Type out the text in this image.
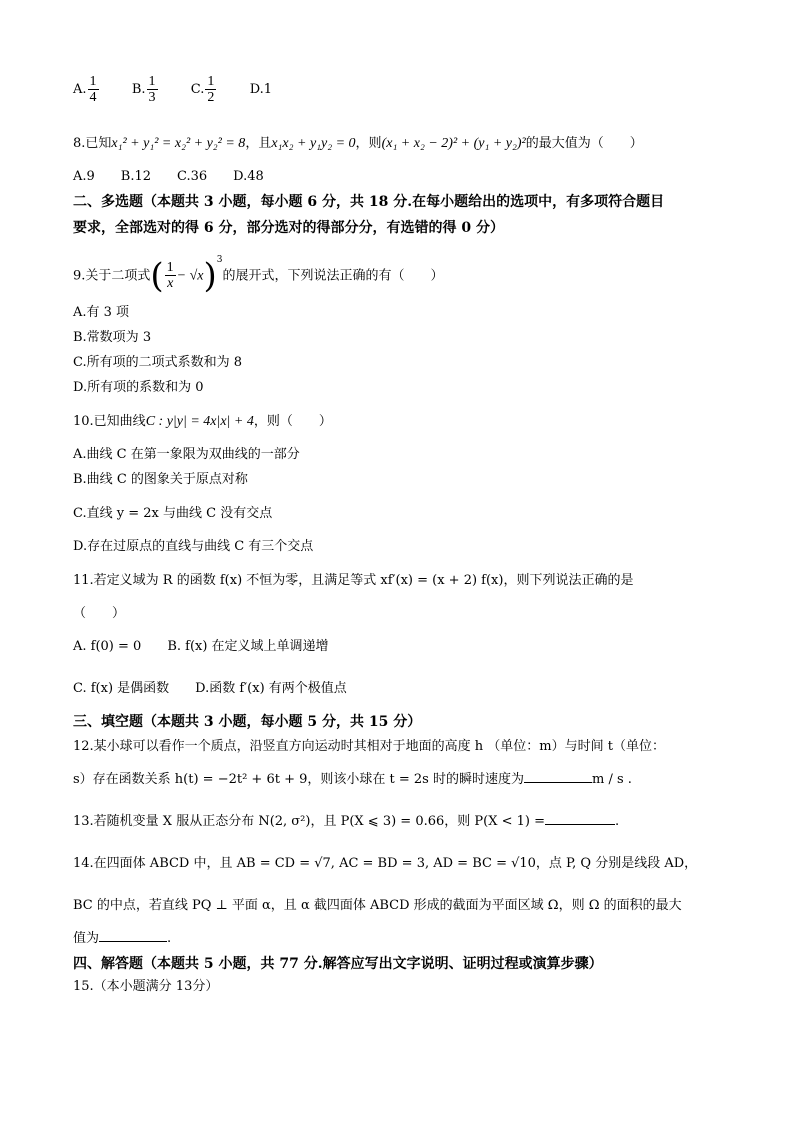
A. $\frac{1}{4}$	B. $\frac{1}{3}$	C. $\frac{1}{2}$	D.1
8.已知x₁² + y₁² = x₂² + y₂² = 8，且x₁x₂ + y₁y₂ = 0，则(x₁ + x₂ − 2)² + (y₁ + y₂)²的最大值为（　　）
A.9　　B.12　　C.36　　D.48
二、多选题（本题共 3 小题，每小题 6 分，共 18 分.在每小题给出的选项中，有多项符合题目
要求，全部选对的得 6 分，部分选对的得部分分，有选错的得 0 分）
9.关于二项式( $\frac{1}{x} - √x)^3$的展开式，下列说法正确的有（　　）
A.有 3 项
B.常数项为 3
C.所有项的二项式系数和为 8
D.所有项的系数和为 0
10.已知曲线C : y|y| = 4x|x| + 4，则（　　）
A.曲线 C 在第一象限为双曲线的一部分
B.曲线 C 的图象关于原点对称
C.直线 y = 2x 与曲线 C 没有交点
D.存在过原点的直线与曲线 C 有三个交点
11.若定义域为 R 的函数 f(x) 不恒为零，且满足等式 xf′(x) = (x + 2) f(x)，则下列说法正确的是
（　　）
A. f(0) = 0 B. f(x) 在定义域上单调递增
C. f(x) 是偶函数 D.函数 f′(x) 有两个极值点
三、填空题（本题共 3 小题，每小题 5 分，共 15 分）
12.某小球可以看作一个质点，沿竖直方向运动时其相对于地面的高度 h （单位：m）与时间 t（单位：
s）存在函数关系 h(t) = −2t² + 6t + 9，则该小球在 t = 2s 时的瞬时速度为	m / s .
13.若随机变量 X 服从正态分布 N(2, σ²)，且 P(X ⩽ 3) = 0.66，则 P(X < 1) =	.
14.在四面体 ABCD 中，且 AB = CD = √7, AC = BD = 3, AD = BC = √10，点 P, Q 分别是线段 AD，
BC 的中点，若直线 PQ ⊥ 平面 α，且 α 截四面体 ABCD 形成的截面为平面区域 Ω，则 Ω 的面积的最大
值为	.
四、解答题（本题共 5 小题，共 77 分.解答应写出文字说明、证明过程或演算步骤）
15.（本小题满分 13分）
